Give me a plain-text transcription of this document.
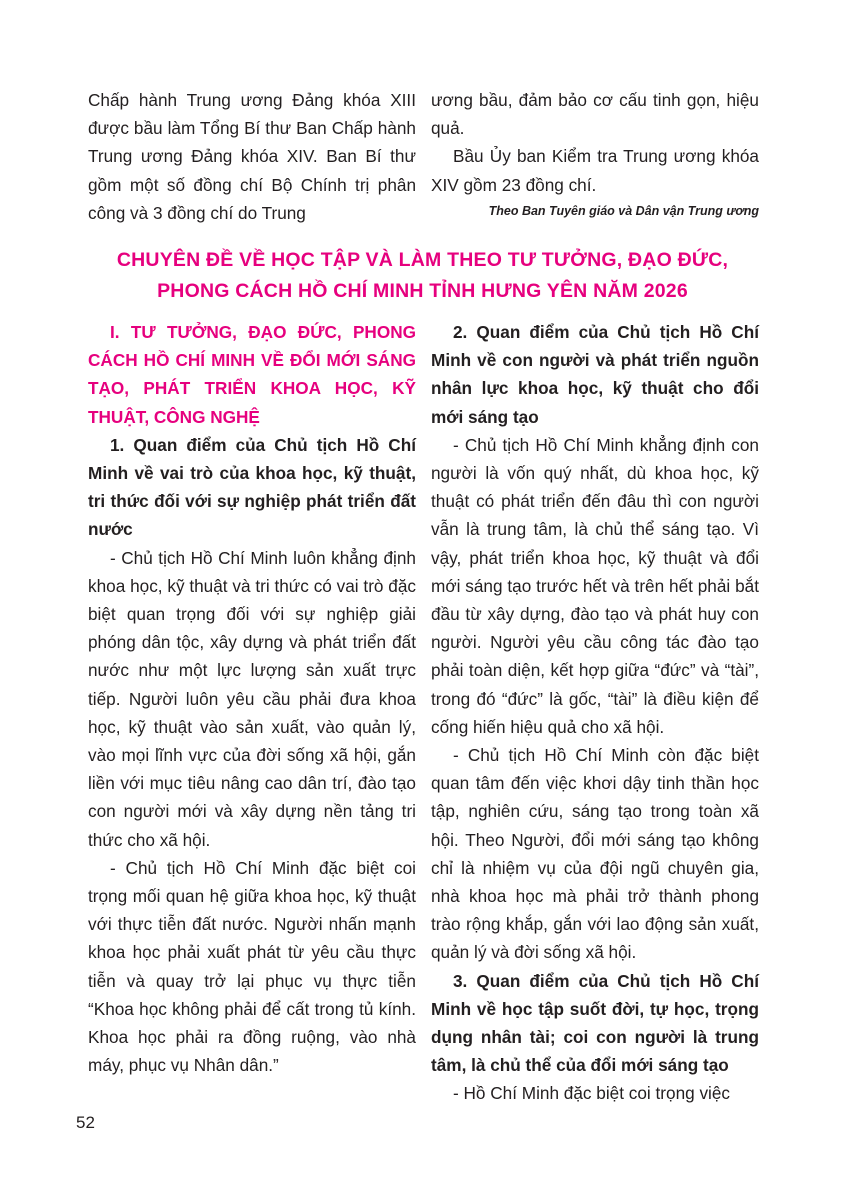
Chấp hành Trung ương Đảng khóa XIII được bầu làm Tổng Bí thư Ban Chấp hành Trung ương Đảng khóa XIV. Ban Bí thư gồm một số đồng chí Bộ Chính trị phân công và 3 đồng chí do Trung

ương bầu, đảm bảo cơ cấu tinh gọn, hiệu quả.

Bầu Ủy ban Kiểm tra Trung ương khóa XIV gồm 23 đồng chí.

Theo Ban Tuyên giáo và Dân vận Trung ương

CHUYÊN ĐỀ VỀ HỌC TẬP VÀ LÀM THEO TƯ TƯỞNG, ĐẠO ĐỨC,
PHONG CÁCH HỒ CHÍ MINH TỈNH HƯNG YÊN NĂM 2026

I. TƯ TƯỞNG, ĐẠO ĐỨC, PHONG CÁCH HỒ CHÍ MINH VỀ ĐỔI MỚI SÁNG TẠO, PHÁT TRIỂN KHOA HỌC, KỸ THUẬT, CÔNG NGHỆ

1. Quan điểm của Chủ tịch Hồ Chí Minh về vai trò của khoa học, kỹ thuật, tri thức đối với sự nghiệp phát triển đất nước

- Chủ tịch Hồ Chí Minh luôn khẳng định khoa học, kỹ thuật và tri thức có vai trò đặc biệt quan trọng đối với sự nghiệp giải phóng dân tộc, xây dựng và phát triển đất nước như một lực lượng sản xuất trực tiếp. Người luôn yêu cầu phải đưa khoa học, kỹ thuật vào sản xuất, vào quản lý, vào mọi lĩnh vực của đời sống xã hội, gắn liền với mục tiêu nâng cao dân trí, đào tạo con người mới và xây dựng nền tảng tri thức cho xã hội.

- Chủ tịch Hồ Chí Minh đặc biệt coi trọng mối quan hệ giữa khoa học, kỹ thuật với thực tiễn đất nước. Người nhấn mạnh khoa học phải xuất phát từ yêu cầu thực tiễn và quay trở lại phục vụ thực tiễn “Khoa học không phải để cất trong tủ kính. Khoa học phải ra đồng ruộng, vào nhà máy, phục vụ Nhân dân.”

2. Quan điểm của Chủ tịch Hồ Chí Minh về con người và phát triển nguồn nhân lực khoa học, kỹ thuật cho đổi mới sáng tạo

- Chủ tịch Hồ Chí Minh khẳng định con người là vốn quý nhất, dù khoa học, kỹ thuật có phát triển đến đâu thì con người vẫn là trung tâm, là chủ thể sáng tạo. Vì vậy, phát triển khoa học, kỹ thuật và đổi mới sáng tạo trước hết và trên hết phải bắt đầu từ xây dựng, đào tạo và phát huy con người. Người yêu cầu công tác đào tạo phải toàn diện, kết hợp giữa “đức” và “tài”, trong đó “đức” là gốc, “tài” là điều kiện để cống hiến hiệu quả cho xã hội.

- Chủ tịch Hồ Chí Minh còn đặc biệt quan tâm đến việc khơi dậy tinh thần học tập, nghiên cứu, sáng tạo trong toàn xã hội. Theo Người, đổi mới sáng tạo không chỉ là nhiệm vụ của đội ngũ chuyên gia, nhà khoa học mà phải trở thành phong trào rộng khắp, gắn với lao động sản xuất, quản lý và đời sống xã hội.

3. Quan điểm của Chủ tịch Hồ Chí Minh về học tập suốt đời, tự học, trọng dụng nhân tài; coi con người là trung tâm, là chủ thể của đổi mới sáng tạo

- Hồ Chí Minh đặc biệt coi trọng việc

52
